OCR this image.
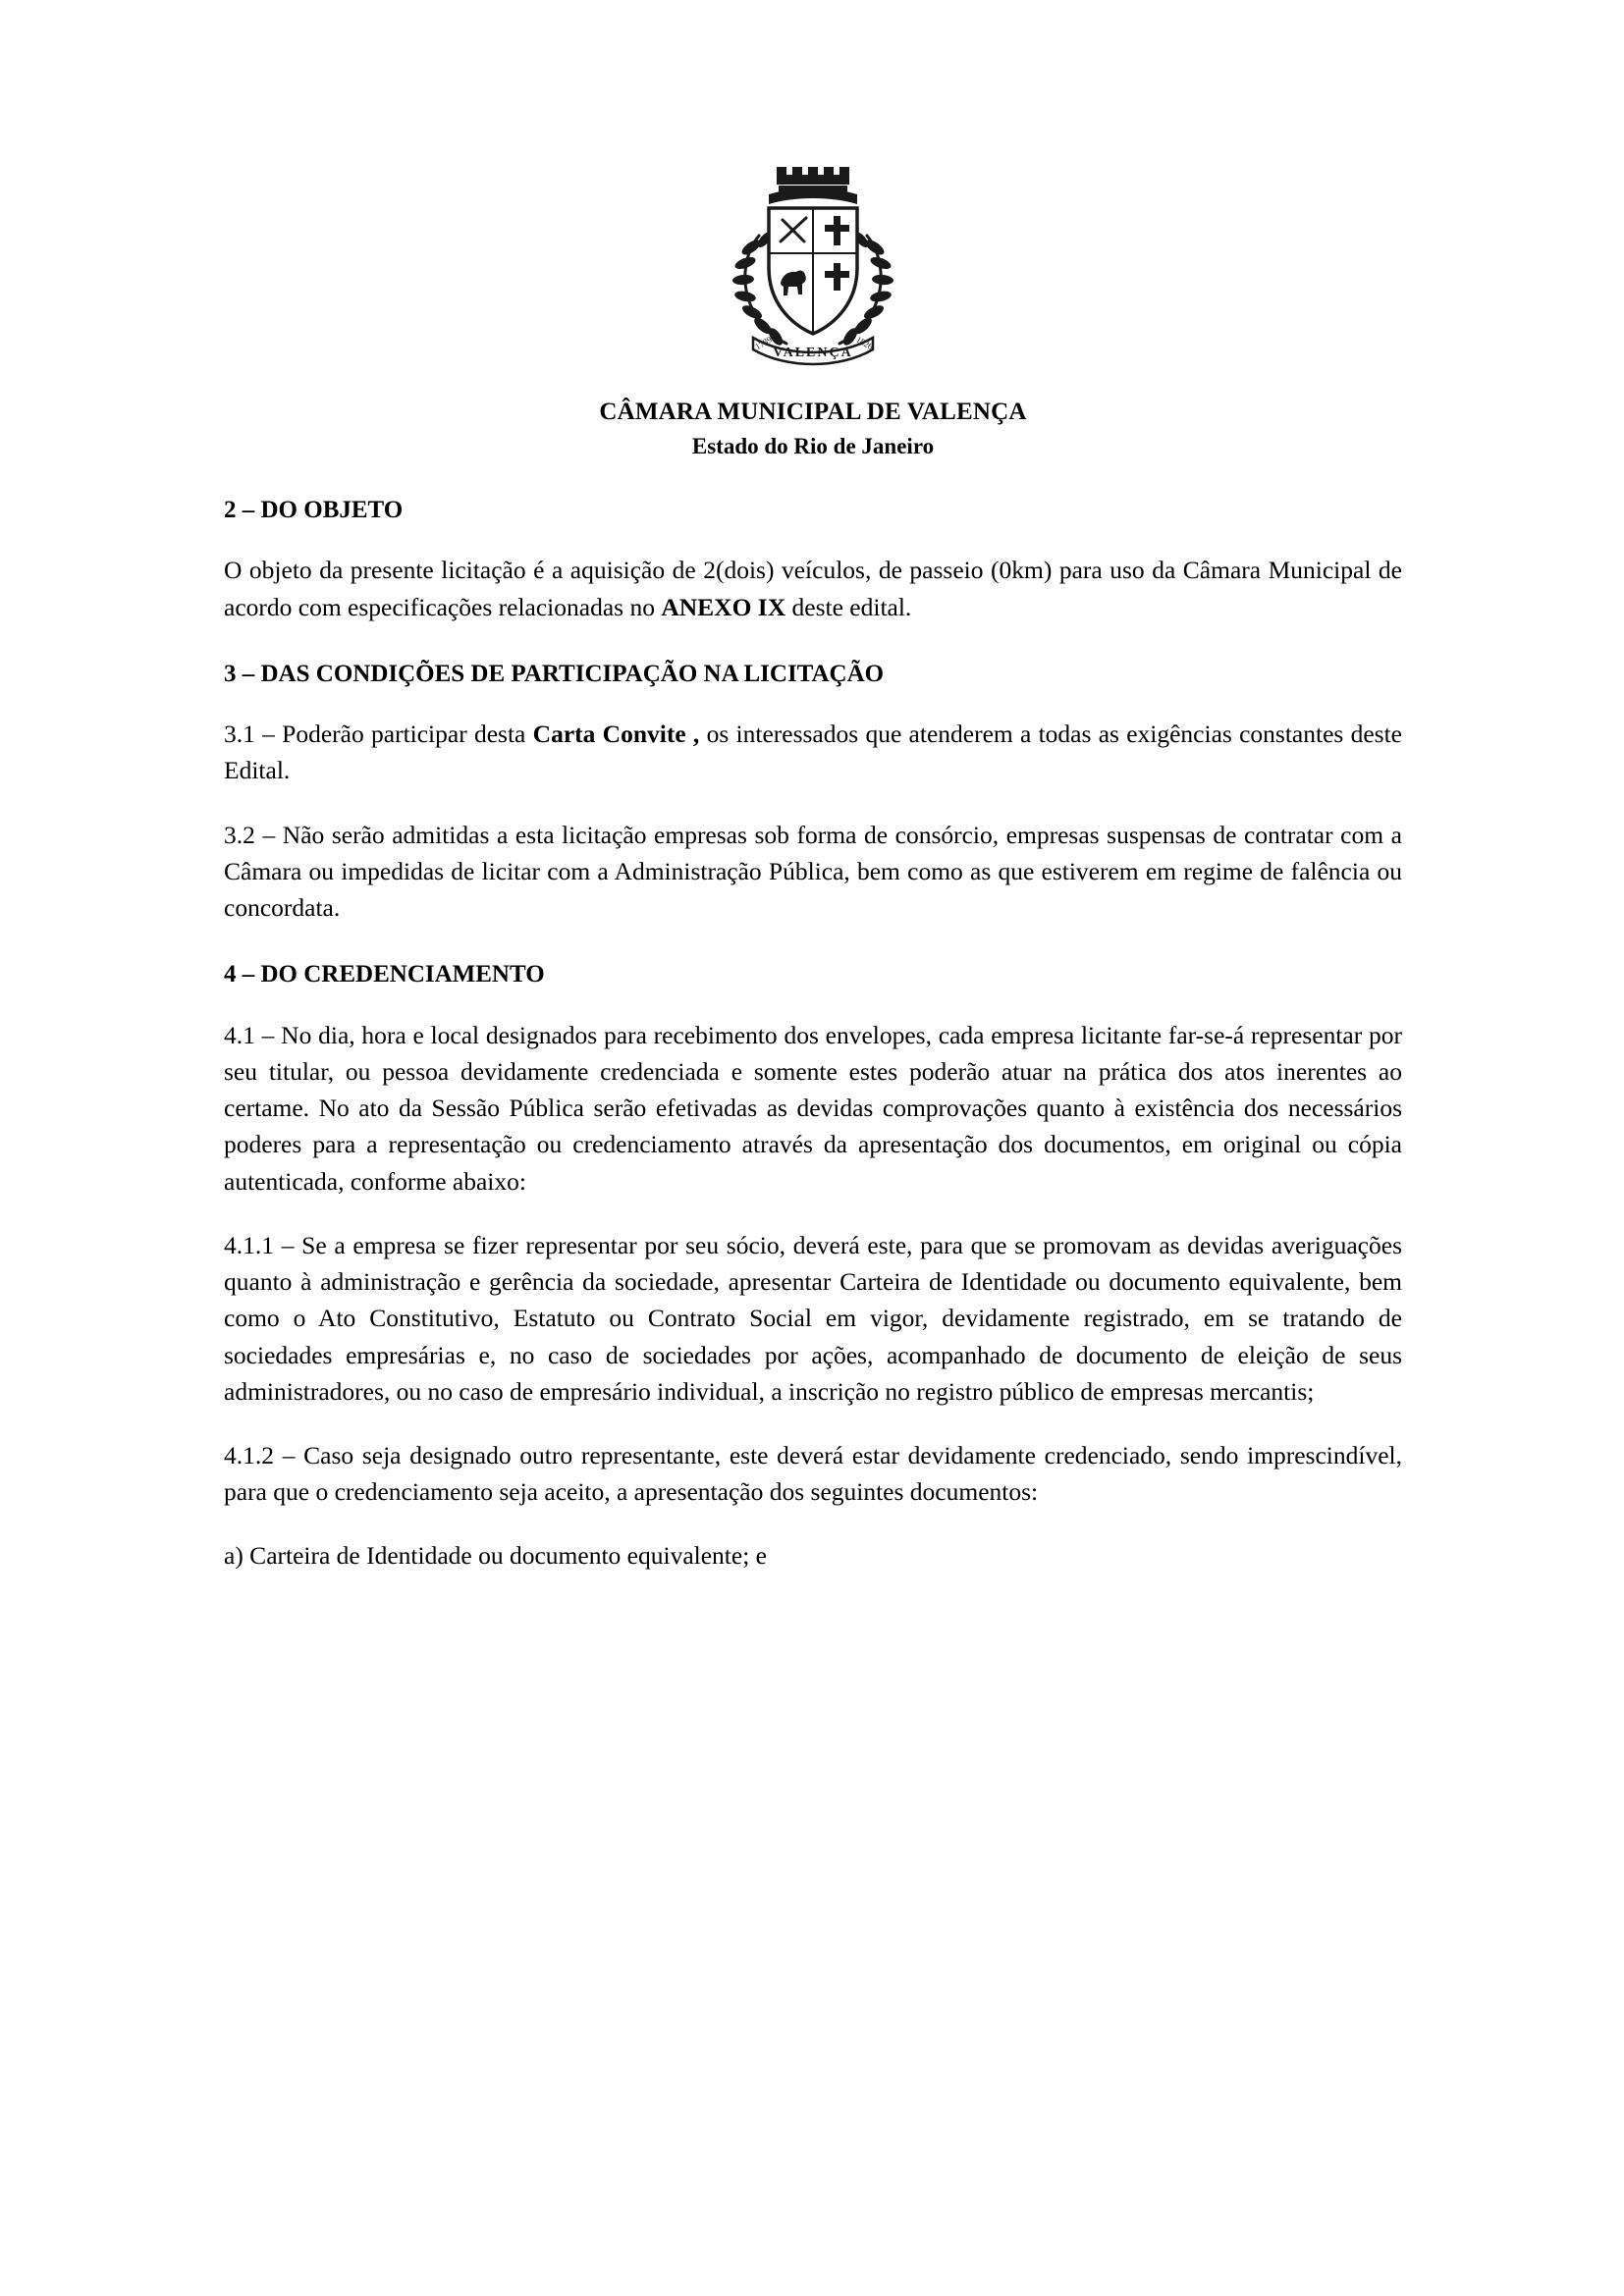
VALENÇA
1789	1826
CÂMARA MUNICIPAL DE VALENÇA
Estado do Rio de Janeiro
2 – DO OBJETO

O objeto da presente licitação é a aquisição de 2(dois) veículos, de passeio (0km) para uso da Câmara Municipal de acordo com especificações relacionadas no ANEXO IX deste edital.

3 – DAS CONDIÇÕES DE PARTICIPAÇÃO NA LICITAÇÃO

3.1 – Poderão participar desta Carta Convite , os interessados que atenderem a todas as exigências constantes deste Edital.

3.2 – Não serão admitidas a esta licitação empresas sob forma de consórcio, empresas suspensas de contratar com a Câmara ou impedidas de licitar com a Administração Pública, bem como as que estiverem em regime de falência ou concordata.

4 – DO CREDENCIAMENTO

4.1 – No dia, hora e local designados para recebimento dos envelopes, cada empresa licitante far-se-á representar por seu titular, ou pessoa devidamente credenciada e somente estes poderão atuar na prática dos atos inerentes ao certame. No ato da Sessão Pública serão efetivadas as devidas comprovações quanto à existência dos necessários poderes para a representação ou credenciamento através da apresentação dos documentos, em original ou cópia autenticada, conforme abaixo:

4.1.1 – Se a empresa se fizer representar por seu sócio, deverá este, para que se promovam as devidas averiguações quanto à administração e gerência da sociedade, apresentar Carteira de Identidade ou documento equivalente, bem como o Ato Constitutivo, Estatuto ou Contrato Social em vigor, devidamente registrado, em se tratando de sociedades empresárias e, no caso de sociedades por ações, acompanhado de documento de eleição de seus administradores, ou no caso de empresário individual, a inscrição no registro público de empresas mercantis;

4.1.2 – Caso seja designado outro representante, este deverá estar devidamente credenciado, sendo imprescindível, para que o credenciamento seja aceito, a apresentação dos seguintes documentos:

a) Carteira de Identidade ou documento equivalente; e
